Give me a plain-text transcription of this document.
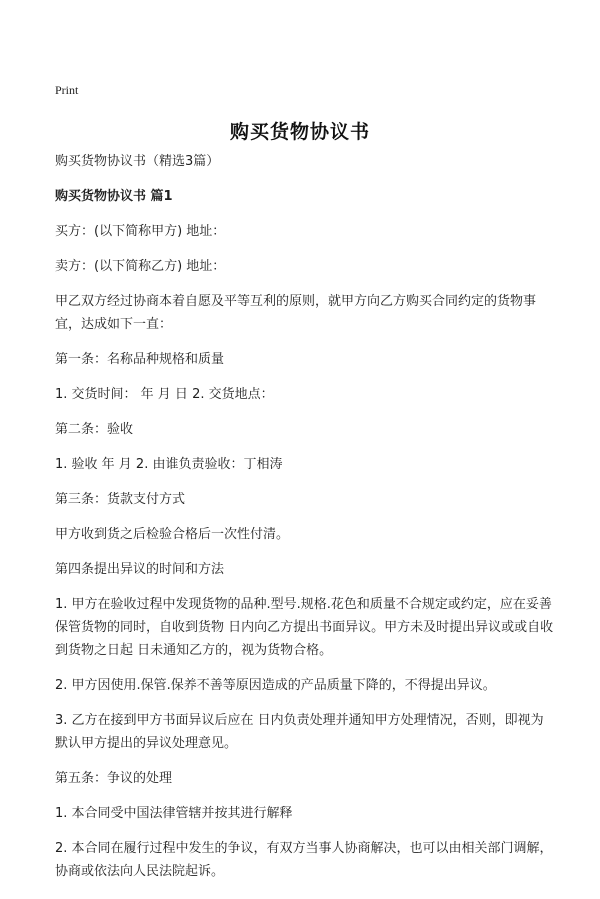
Print
购买货物协议书

购买货物协议书（精选3篇）

购买货物协议书 篇1

买方：(以下简称甲方) 地址：

卖方：(以下简称乙方) 地址：

甲乙双方经过协商本着自愿及平等互利的原则，就甲方向乙方购买合同约定的货物事宜，达成如下一直：

第一条：名称品种规格和质量

1. 交货时间： 年 月 日 2. 交货地点：

第二条：验收

1. 验收 年 月 2. 由谁负责验收：丁相涛

第三条：货款支付方式

甲方收到货之后检验合格后一次性付清。

第四条提出异议的时间和方法

1. 甲方在验收过程中发现货物的品种.型号.规格.花色和质量不合规定或约定，应在妥善保管货物的同时，自收到货物 日内向乙方提出书面异议。甲方未及时提出异议或或自收到货物之日起 日未通知乙方的，视为货物合格。

2. 甲方因使用.保管.保养不善等原因造成的产品质量下降的，不得提出异议。

3. 乙方在接到甲方书面异议后应在 日内负责处理并通知甲方处理情况，否则，即视为默认甲方提出的异议处理意见。

第五条：争议的处理

1. 本合同受中国法律管辖并按其进行解释

2. 本合同在履行过程中发生的争议，有双方当事人协商解决，也可以由相关部门调解，协商或依法向人民法院起诉。
